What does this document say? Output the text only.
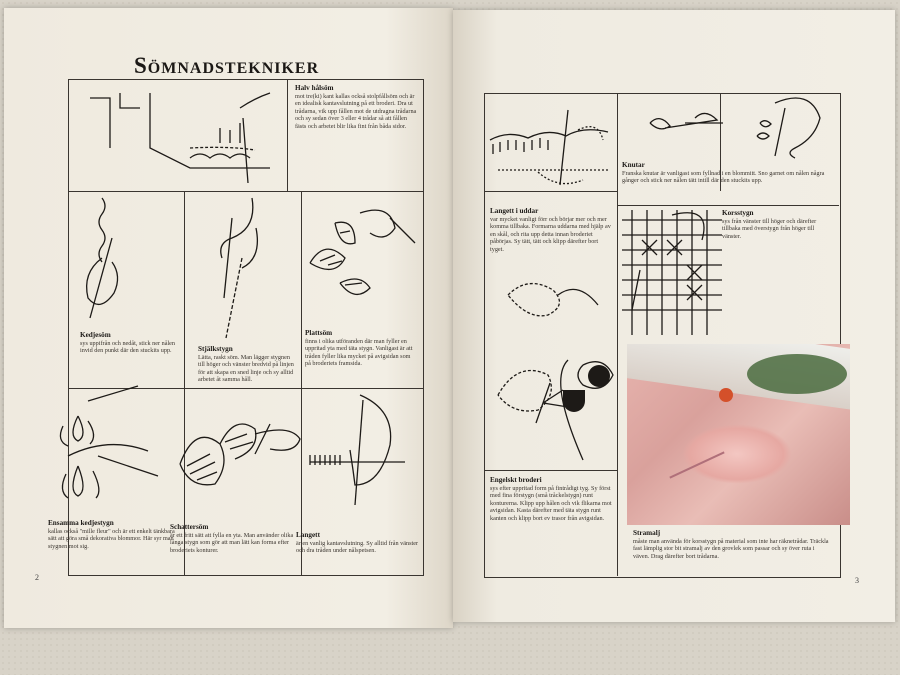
Sömnadstekniker
Halv hålsöm
mot tre(ki) kant kallas också stolpfållsöm och är en idealisk kantavslutning på ett broderi. Dra ut trådarna, vik upp fållen mot de utdragna trådarna och sy sedan över 3 eller 4 trådar så att fållen fästs och arbetet blir lika fint från båda sidor.
Kedjesöm
sys uppifrån och nedåt, stick ner nålen invid den punkt där den stuckits upp.	Stjälkstygn
Lätta, raskt söm. Man lägger stygnen till höger och vänster bredvid på linjen för att skapa en sned linje och sy alltid arbetet åt samma håll.
Plattsöm
finns i olika utföranden där man fyller en uppritad yta med täta stygn. Vanligast är att tråden fyller lika mycket på avigsidan som på broderiets framsida.
Ensamma kedjestygn
kallas också "mille fleur" och är ett enkelt tänkbara sätt att göra små dekorativa blommor. Här syr man stygnen mot sig.
Schattersöm
är ett fritt sätt att fylla en yta. Man använder olika långa stygn som gör att man lätt kan forma efter broderiets konturer.
Langett
är en vanlig kantavslutning. Sy alltid från vänster och dra tråden under nålspetsen.
2
Langett i uddar
var mycket vanligt förr och börjar mer och mer komma tillbaka. Formarna uddarna med hjälp av en skål, och rita upp detta innan broderiet påbörjas. Sy tätt, tätt och klipp därefter bort tyget.
Knutar
Franska knutar är vanligast som fyllnad i en blommitt. Sno garnet om nålen några gånger och stick ner nålen tätt intill där den stuckits upp.
Korsstygn
sys från vänster till höger och därefter tillbaka med överstygn från höger till vänster.
Engelskt broderi
sys efter uppritad form på fintrådigt tyg. Sy först med fina förstygn (små tråckelstygn) runt konturerna. Klipp upp hålen och vik flikarna mot avigsidan. Kasta därefter med täta stygn runt kanten och klipp bort ev trasor från avigsidan.
Stramalj
måste man använda för korsstygn på material som inte har räknetrådar. Träckla fast lämplig stor bit stramalj av den grovlek som passar och sy över ruta i väven. Drag därefter bort trådarna.
3
